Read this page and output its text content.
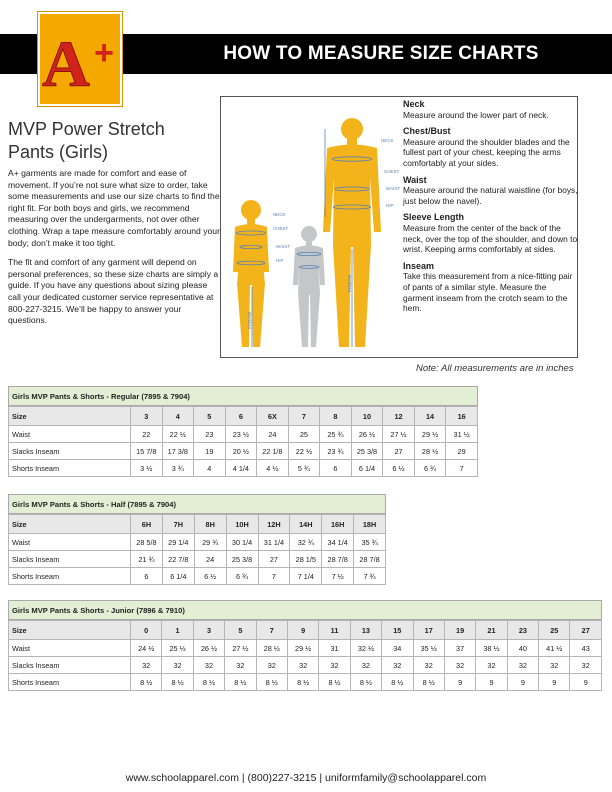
HOW TO MEASURE SIZE CHARTS
A +
MVP Power Stretch
Pants (Girls)

A+ garments are made for comfort and ease of movement. If you’re not sure what size to order, take some measurements and use our size charts to find the right fit. For both boys and girls, we recommend measuring over the undergarments, not over other clothing. Wrap a tape measure comfortably around your body; don’t make it too tight.

The fit and comfort of any garment will depend on personal preferences, so these size charts are simply a guide. If you have any questions about sizing please call your dedicated customer service representative at 800-227-3215. We’ll be happy to answer your questions.

NECK
CHEST
WAIST
HIP
NECK
CHEST
WAIST
HIP
INSEAM
INSEAM
Neck
Measure around the lower part of neck.
Chest/Bust
Measure around the shoulder blades and the fullest part of your chest, keeping the arms comfortably at your sides.
Waist
Measure around the natural waistline (for boys, just below the navel).
Sleeve Length
Measure from the center of the back of the neck, over the top of the shoulder, and down to wrist. Keeping arms comfortably at sides.
Inseam
Take this measurement from a nice-fitting pair of pants of a similar style. Measure the garment inseam from the crotch seam to the hem.
Note: All measurements are in inches
Girls MVP Pants & Shorts - Regular (7895 & 7904)
Size	3	4	5	6	6X	7	8	10	12	14	16
Waist	22	22 ½	23	23 ½	24	25	25 ¾	26 ½	27 ½	29 ½	31 ½
Slacks Inseam	15 7/8	17 3/8	19	20 ½	22 1/8	22 ½	23 ¾	25 3/8	27	28 ½	29
Shorts Inseam	3 ½	3 ¾	4	4 1/4	4 ½	5 ¾	6	6 1/4	6 ½	6 ¾	7
Girls MVP Pants & Shorts - Half (7895 & 7904)
Size	6H	7H	8H	10H	12H	14H	16H	18H
Waist	28 5/8	29 1/4	29 ¾	30 1/4	31 1/4	32 ¾	34 1/4	35 ¾
Slacks Inseam	21 ¾	22 7/8	24	25 3/8	27	28 1/5	28 7/8	28 7/8
Shorts Inseam	6	6 1/4	6 ½	6 ¾	7	7 1/4	7 ½	7 ¾
Girls MVP Pants & Shorts - Junior (7896 & 7910)
Size	0	1	3	5	7	9	11	13	15	17	19	21	23	25	27
Waist	24 ½	25 ½	26 ½	27 ½	28 ½	29 ½	31	32 ½	34	35 ½	37	38 ½	40	41 ½	43
Slacks Inseam	32	32	32	32	32	32	32	32	32	32	32	32	32	32	32
Shorts Inseam	8 ½	8 ½	8 ½	8 ½	8 ½	8 ½	8 ½	8 ½	8 ½	8 ½	9	9	9	9	9
www.schoolapparel.com | (800)227-3215 | uniformfamily@schoolapparel.com
